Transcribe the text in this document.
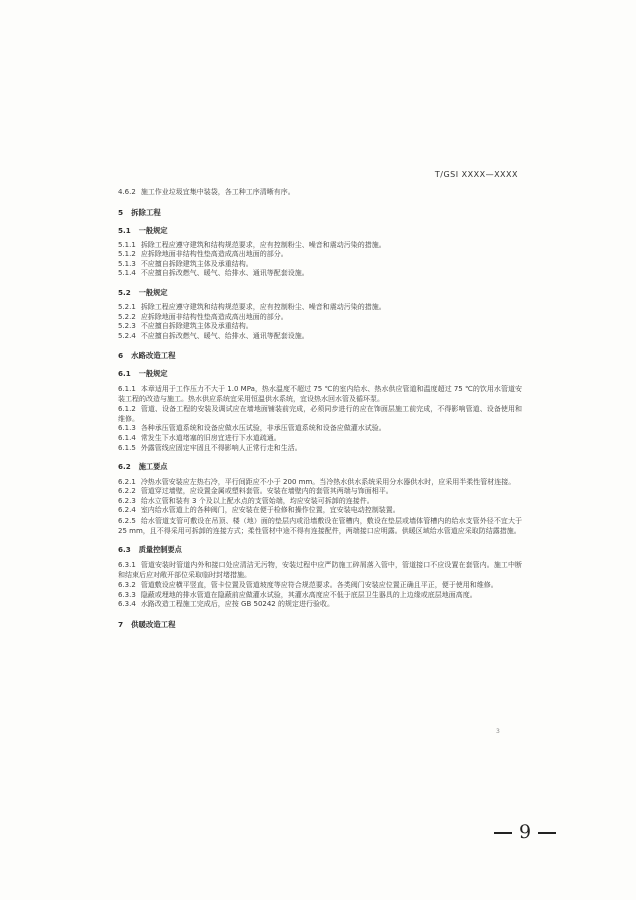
T/GSI XXXX—XXXX
4.6.2 施工作业垃圾宜集中装袋，各工种工序清晰有序。
5 拆除工程
5.1 一般规定
5.1.1 拆除工程应遵守建筑和结构规范要求，应有控制粉尘、噪音和震动污染的措施。
5.1.2 应拆除地面非结构性垫高造成高出地面的部分。
5.1.3 不应擅自拆除建筑主体及承重结构。
5.1.4 不应擅自拆改燃气、暖气、给排水、通讯等配套设施。
5.2 一般规定
5.2.1 拆除工程应遵守建筑和结构规范要求，应有控制粉尘、噪音和震动污染的措施。
5.2.2 应拆除地面非结构性垫高造成高出地面的部分。
5.2.3 不应擅自拆除建筑主体及承重结构。
5.2.4 不应擅自拆改燃气、暖气、给排水、通讯等配套设施。
6 水路改造工程
6.1 一般规定
6.1.1 本章适用于工作压力不大于 1.0 MPa，热水温度不超过 75 ℃的室内给水、热水供应管道和温度超过 75 ℃的饮用水管道安装工程的改造与施工。热水供应系统宜采用恒温供水系统，宜设热水回水管及循环泵。
6.1.2 管道、设备工程的安装及调试应在墙地面铺装前完成，必须同步进行的应在饰面层施工前完成，不得影响管道、设备使用和维修。
6.1.3 各种承压管道系统和设备应做水压试验，非承压管道系统和设备应做灌水试验。
6.1.4 常发生下水道堵塞的旧房宜进行下水道疏通。
6.1.5 外露管线应固定牢固且不得影响人正常行走和生活。
6.2 施工要点
6.2.1 冷热水管安装应左热右冷，平行间距应不小于 200 mm。当冷热水供水系统采用分水器供水时，应采用半柔性管材连接。
6.2.2 管道穿过墙壁，应设置金属或塑料套管。安装在墙壁内的套管其两端与饰面相平。
6.2.3 给水立管和装有 3 个及以上配水点的支管始端，均应安装可拆卸的连接件。
6.2.4 室内给水管道上的各种阀门，应安装在便于检修和操作位置，宜安装电动控制装置。
6.2.5 给水管道支管可敷设在吊顶、楼（地）面的垫层内或沿墙敷设在管槽内，敷设在垫层或墙体管槽内的给水支管外径不宜大于 25 mm，且不得采用可拆卸的连接方式；柔性管材中途不得有连接配件，两端接口应明露。供暖区域给水管道应采取防结露措施。
6.3 质量控制要点
6.3.1 管道安装时管道内外和接口处应清洁无污物，安装过程中应严防施工碎屑落入管中，管道接口不应设置在套管内。施工中断和结束后应对敞开部位采取临时封堵措施。
6.3.2 管道敷设应横平竖直，管卡位置及管道坡度等应符合规范要求。各类阀门安装应位置正确且平正，便于使用和维修。
6.3.3 隐蔽或埋地的排水管道在隐蔽前应做灌水试验，其灌水高度应不低于底层卫生器具的上边缘或底层地面高度。
6.3.4 水路改造工程施工完成后，应按 GB 50242 的规定进行验收。
7 供暖改造工程
3
9
